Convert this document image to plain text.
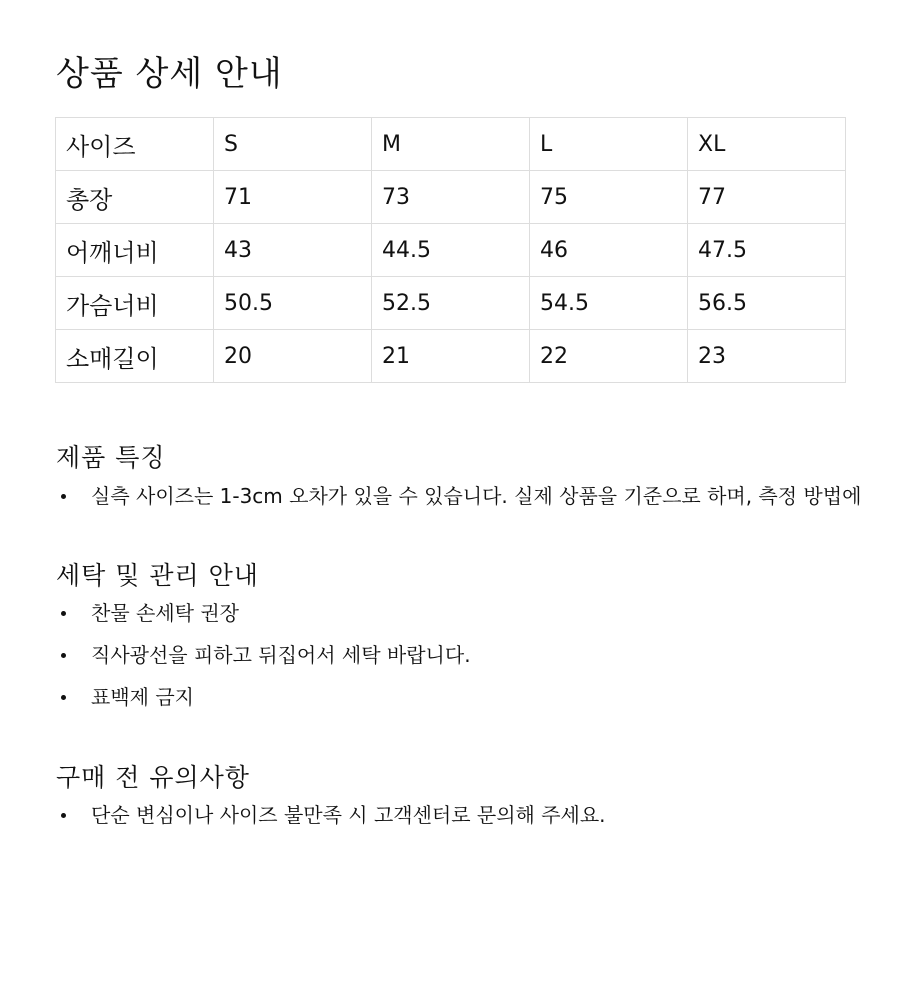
상품 상세 안내
사이즈	S	M	L	XL
총장	71	73	75	77
어깨너비	43	44.5	46	47.5
가슴너비	50.5	52.5	54.5	56.5
소매길이	20	21	22	23
제품 특징
실측 사이즈는 1-3cm 오차가 있을 수 있습니다. 실제 상품을 기준으로 하며, 측정 방법에
세탁 및 관리 안내
찬물 손세탁 권장
직사광선을 피하고 뒤집어서 세탁 바랍니다.
표백제 금지
구매 전 유의사항
단순 변심이나 사이즈 불만족 시 고객센터로 문의해 주세요.
